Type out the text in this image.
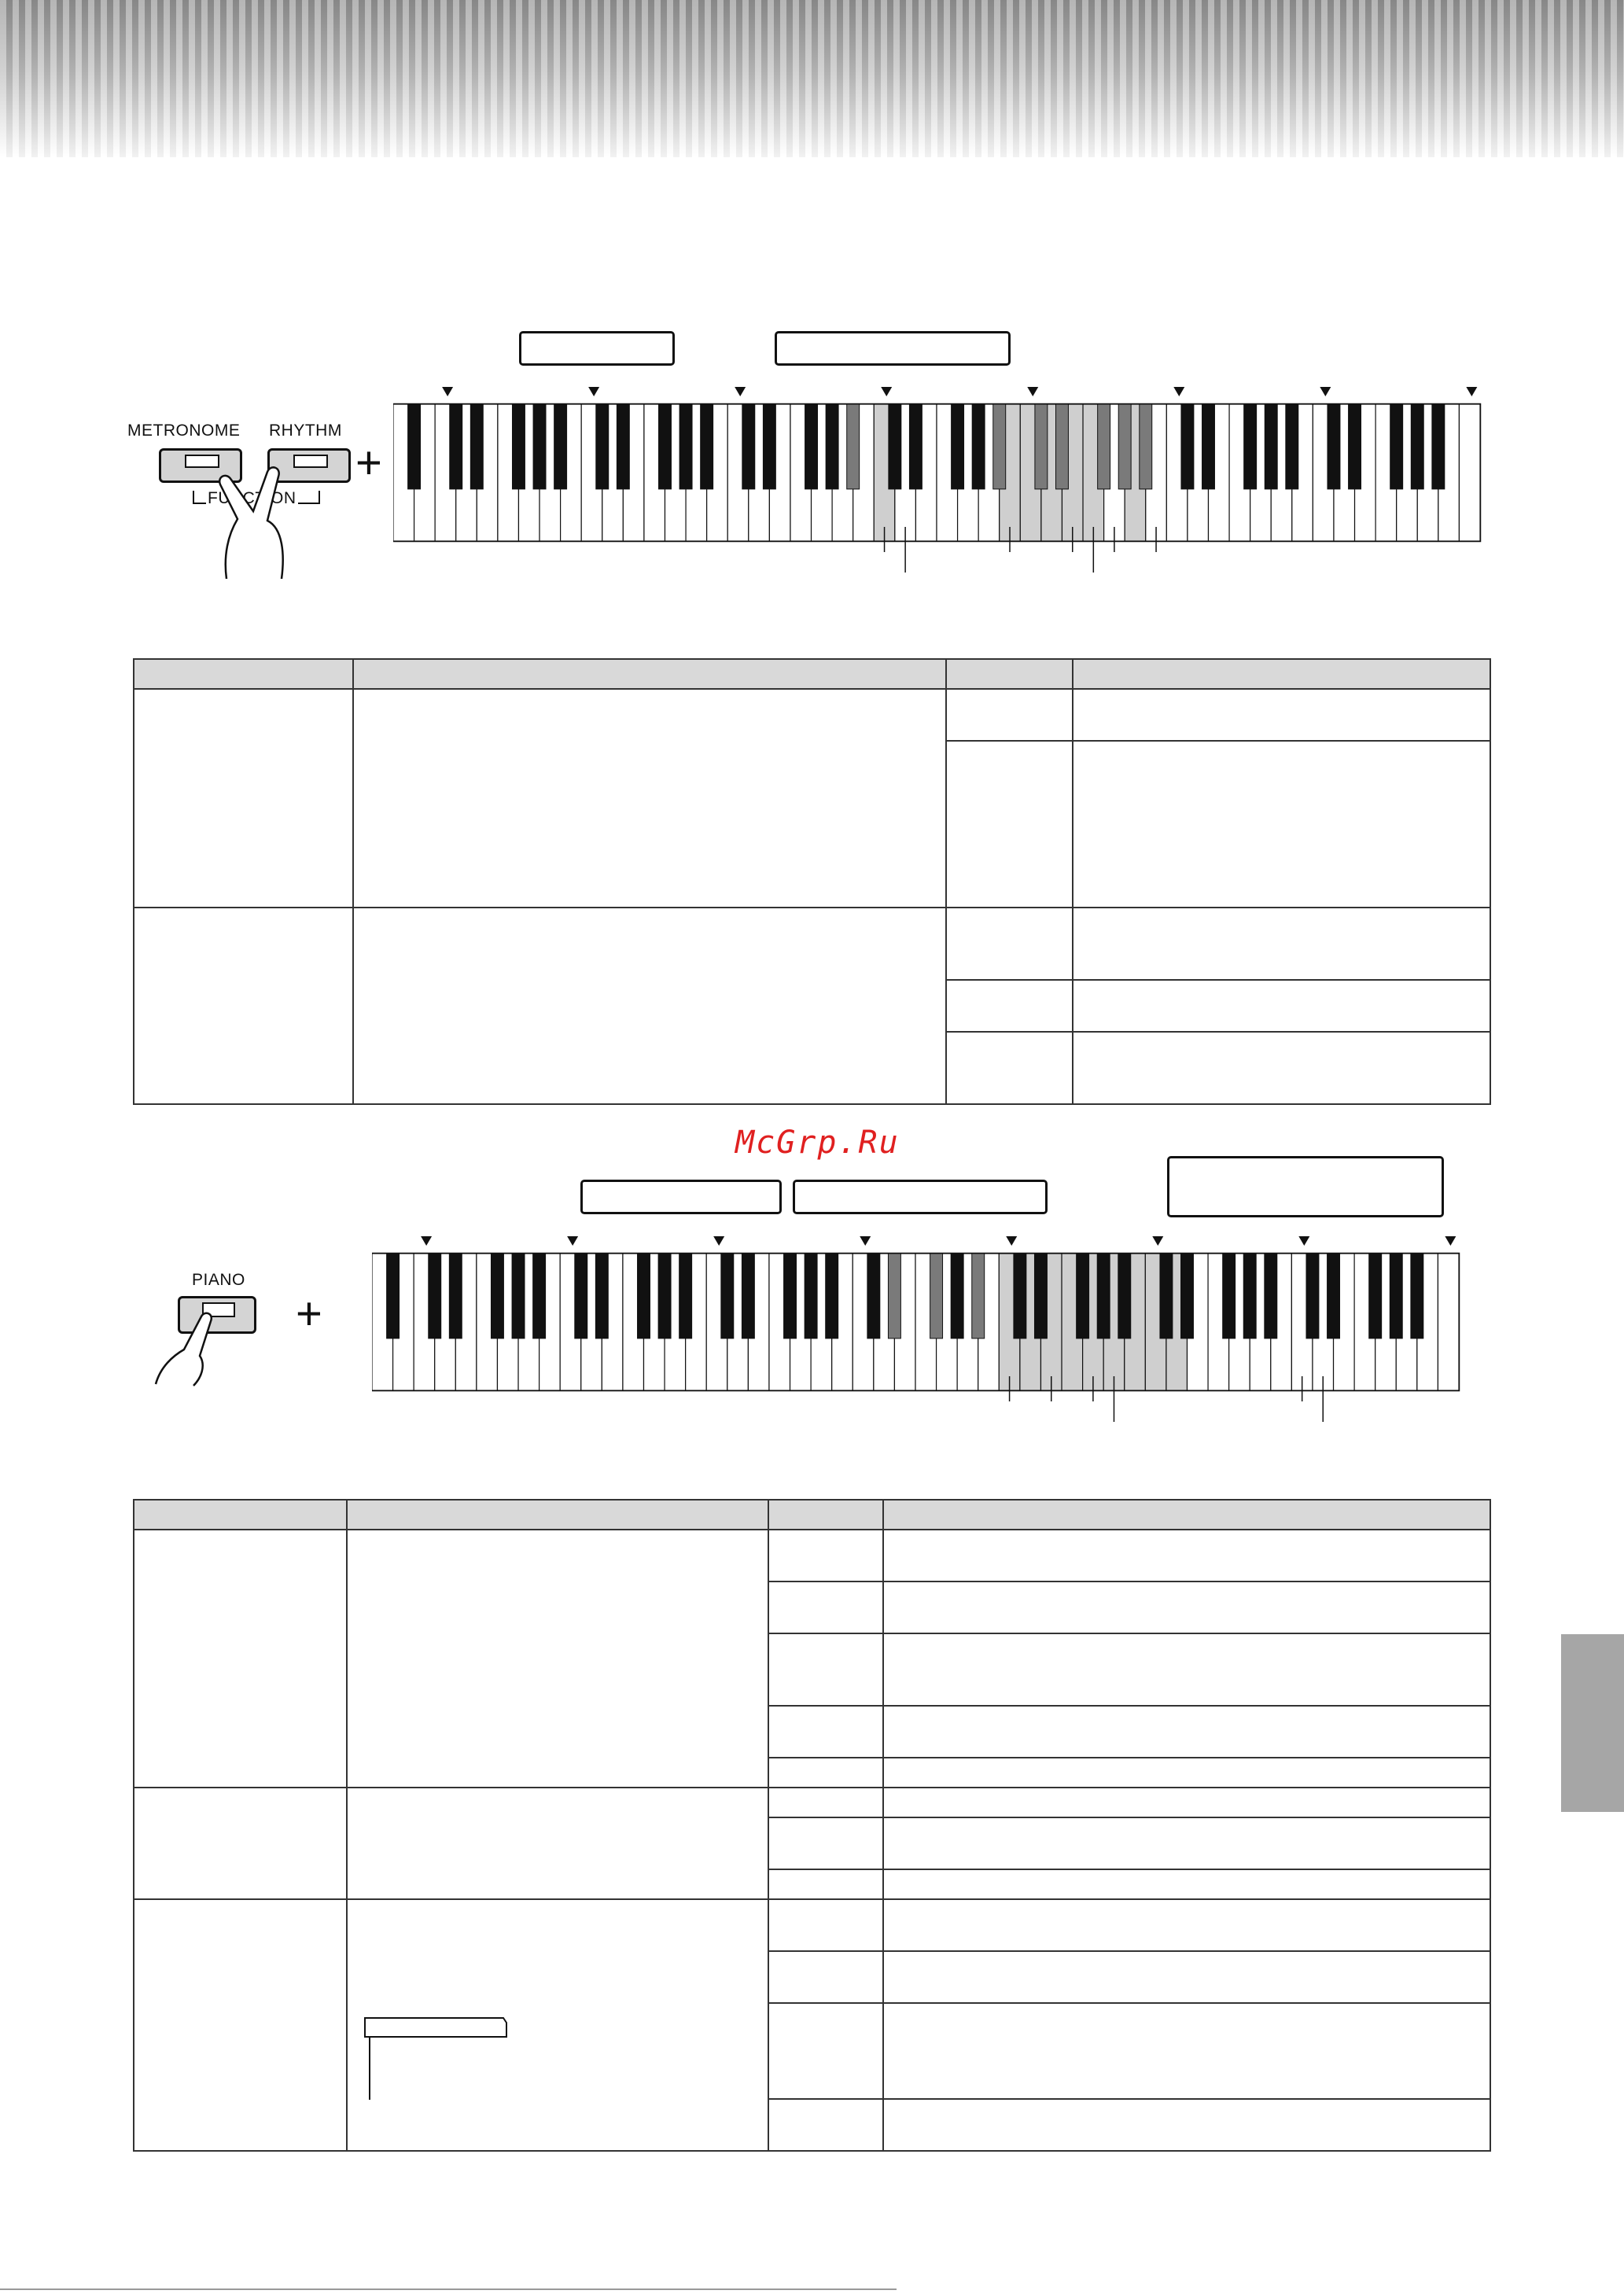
METRONOME RHYTHM
FUNCTION
+

McGrp.Ru
PIANO
+
